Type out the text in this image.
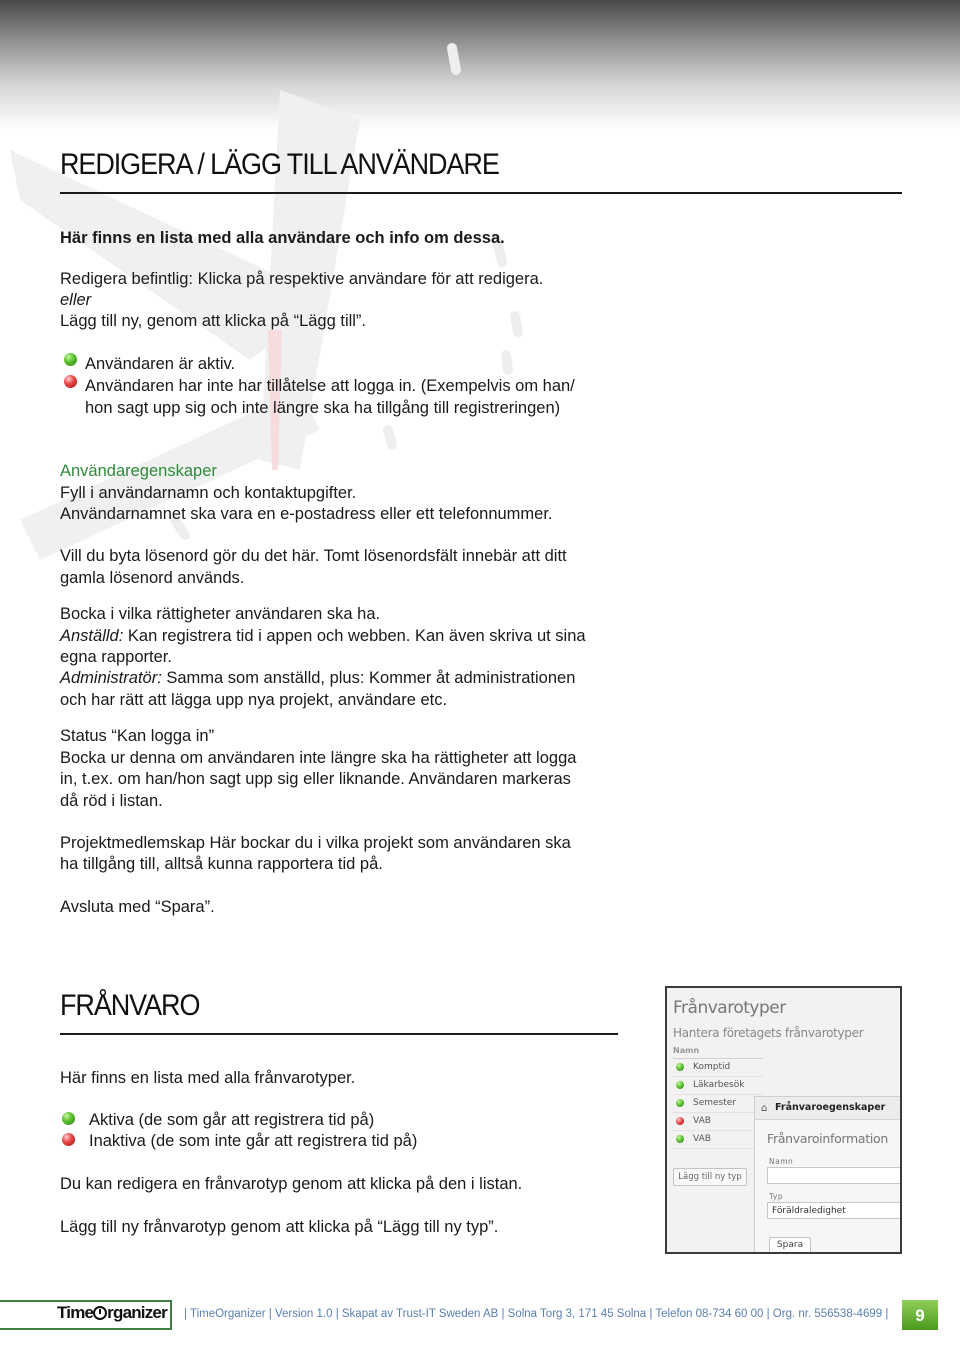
REDIGERA / LÄGG TILL ANVÄNDARE
Här finns en lista med alla användare och info om dessa.
Redigera befintlig: Klicka på respektive användare för att redigera.
eller
Lägg till ny, genom att klicka på “Lägg till”.
Användaren är aktiv.
Användaren har inte har tillåtelse att logga in. (Exempelvis om han/
hon sagt upp sig och inte längre ska ha tillgång till registreringen)
Användaregenskaper
Fyll i användarnamn och kontaktupgifter.
Användarnamnet ska vara en e-postadress eller ett telefonnummer.
Vill du byta lösenord gör du det här. Tomt lösenordsfält innebär att ditt
gamla lösenord används.
Bocka i vilka rättigheter användaren ska ha.
Anställd: Kan registrera tid i appen och webben. Kan även skriva ut sina
egna rapporter.
Administratör: Samma som anställd, plus: Kommer åt administrationen
och har rätt att lägga upp nya projekt, användare etc.
Status “Kan logga in”
Bocka ur denna om användaren inte längre ska ha rättigheter att logga
in, t.ex. om han/hon sagt upp sig eller liknande. Användaren markeras
då röd i listan.
Projektmedlemskap Här bockar du i vilka projekt som användaren ska
ha tillgång till, alltså kunna rapportera tid på.
Avsluta med “Spara”.
FRÅNVARO
Här finns en lista med alla frånvarotyper.
Aktiva (de som går att registrera tid på)
Inaktiva (de som inte går att registrera tid på)
Du kan redigera en frånvarotyp genom att klicka på den i listan.
Lägg till ny frånvarotyp genom att klicka på “Lägg till ny typ”.
Frånvarotyper
Hantera företagets frånvarotyper
Namn
Komptid
Läkarbesök
Semester
VAB
VAB
Lägg till ny typ
⌂ Frånvaroegenskaper
Frånvaroinformation
Namn
Typ
Föräldraledighet
Spara
Time rganizer | TimeOrganizer | Version 1.0 | Skapat av Trust-IT Sweden AB | Solna Torg 3, 171 45 Solna | Telefon 08-734 60 00 | Org. nr. 556538-4699 |	9
